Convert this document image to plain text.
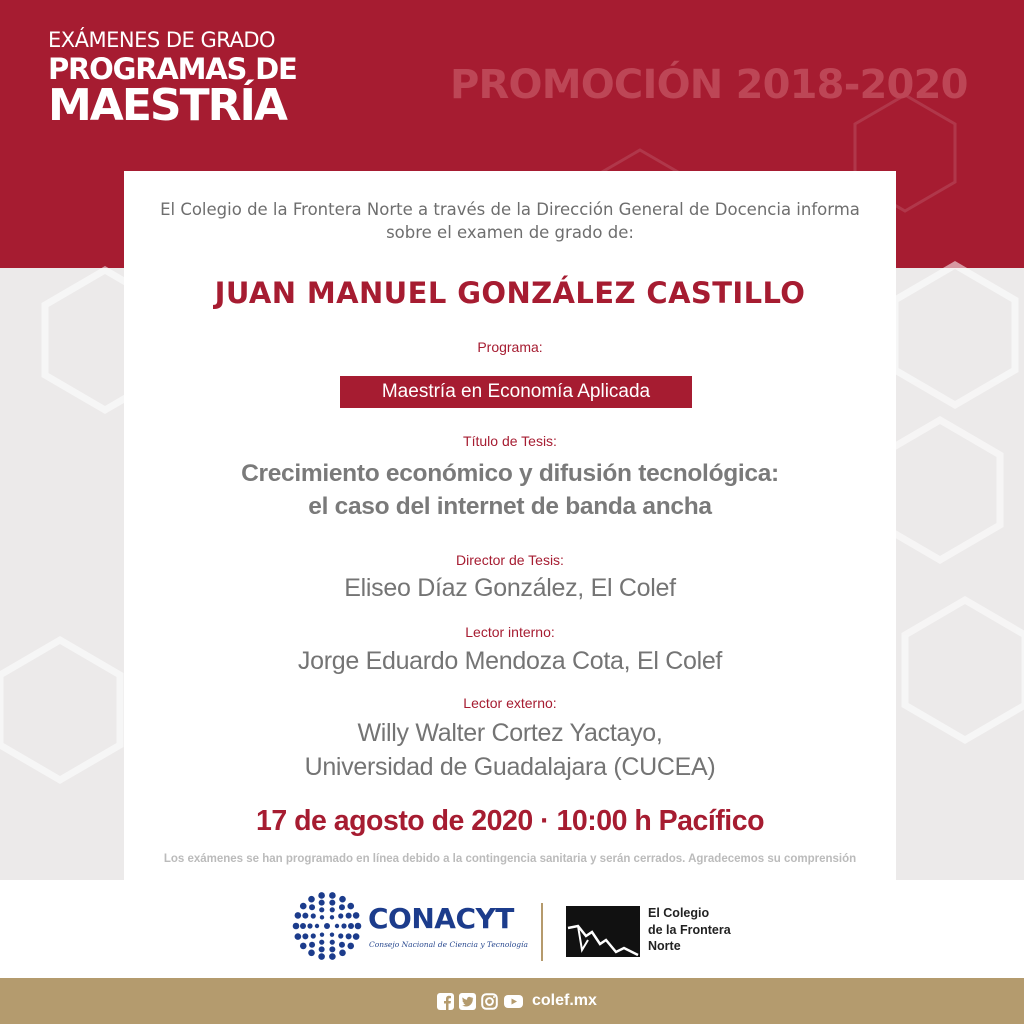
EXÁMENES DE GRADO
PROGRAMAS DE
MAESTRÍA	PROMOCIÓN 2018-2020
El Colegio de la Frontera Norte a través de la Dirección General de Docencia informa sobre el examen de grado de:
JUAN MANUEL GONZÁLEZ CASTILLO
Programa:
Maestría en Economía Aplicada
Título de Tesis:
Crecimiento económico y difusión tecnológica:
el caso del internet de banda ancha
Director de Tesis:
Eliseo Díaz González, El Colef
Lector interno:
Jorge Eduardo Mendoza Cota, El Colef
Lector externo:
Willy Walter Cortez Yactayo,
Universidad de Guadalajara (CUCEA)
17 de agosto de 2020 · 10:00 h Pacífico
Los exámenes se han programado en línea debido a la contingencia sanitaria y serán cerrados. Agradecemos su comprensión
CONACYT
Consejo Nacional de Ciencia y Tecnología
El Colegio
de la Frontera
Norte
colef.mx
